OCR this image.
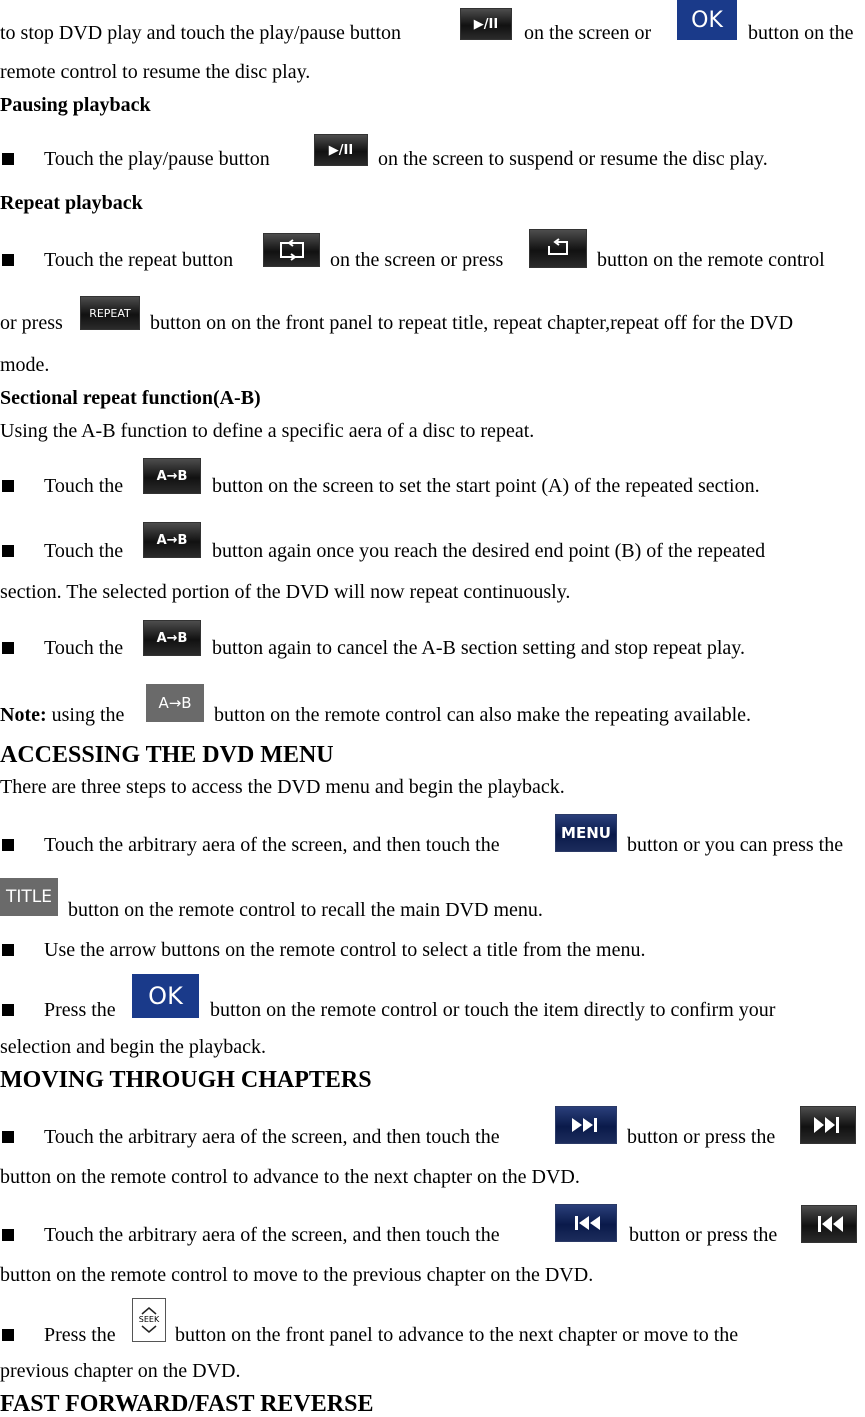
to stop DVD play and touch the play/pause button	▶/II	on the screen or
OK
button on the
remote control to resume the disc play.
Pausing playback
Touch the play/pause button	▶/II	on the screen to suspend or resume the disc play.
Repeat playback
Touch the repeat button	on the screen or press	button on the remote control
or press	REPEAT button on on the front panel to repeat title, repeat chapter,repeat off for the DVD
mode.
Sectional repeat function(A-B)
Using the A-B function to define a specific aera of a disc to repeat.
Touch the	A→B	button on the screen to set the start point (A) of the repeated section.
Touch the	A→B	button again once you reach the desired end point (B) of the repeated
section. The selected portion of the DVD will now repeat continuously.
Touch the	A→B	button again to cancel the A-B section setting and stop repeat play.
Note: using the
A→B
button on the remote control can also make the repeating available.
ACCESSING THE DVD MENU
There are three steps to access the DVD menu and begin the playback.
Touch the arbitrary aera of the screen, and then touch the
MENU
button or you can press the
TITLE
button on the remote control to recall the main DVD menu.
Use the arrow buttons on the remote control to select a title from the menu.
Press the	OK	button on the remote control or touch the item directly to confirm your
selection and begin the playback.
MOVING THROUGH CHAPTERS
Touch the arbitrary aera of the screen, and then touch the	button or press the
button on the remote control to advance to the next chapter on the DVD.
Touch the arbitrary aera of the screen, and then touch the	button or press the
button on the remote control to move to the previous chapter on the DVD.
Press the
SEEK
button on the front panel to advance to the next chapter or move to the
previous chapter on the DVD.
FAST FORWARD/FAST REVERSE
